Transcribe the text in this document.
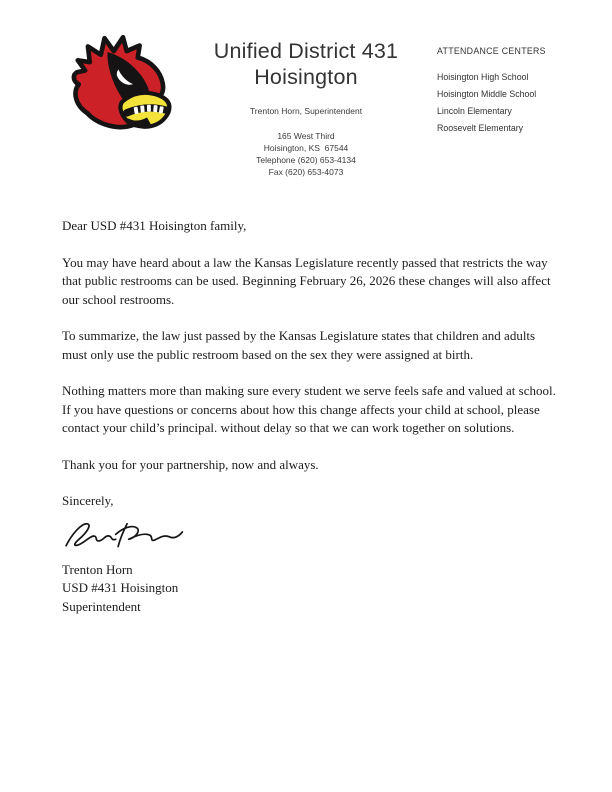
Unified District 431
Hoisington
Trenton Horn, Superintendent
165 West Third
Hoisington, KS  67544
Telephone (620) 653-4134
Fax (620) 653-4073
ATTENDANCE CENTERS
Hoisington High School
Hoisington Middle School
Lincoln Elementary
Roosevelt Elementary

Dear USD #431 Hoisington family,

You may have heard about a law the Kansas Legislature recently passed that restricts the way that public restrooms can be used. Beginning February 26, 2026 these changes will also affect our school restrooms.

To summarize, the law just passed by the Kansas Legislature states that children and adults must only use the public restroom based on the sex they were assigned at birth.

Nothing matters more than making sure every student we serve feels safe and valued at school. If you have questions or concerns about how this change affects your child at school, please contact your child’s principal. without delay so that we can work together on solutions.

Thank you for your partnership, now and always.

Sincerely,

Trenton Horn
USD #431 Hoisington
Superintendent
